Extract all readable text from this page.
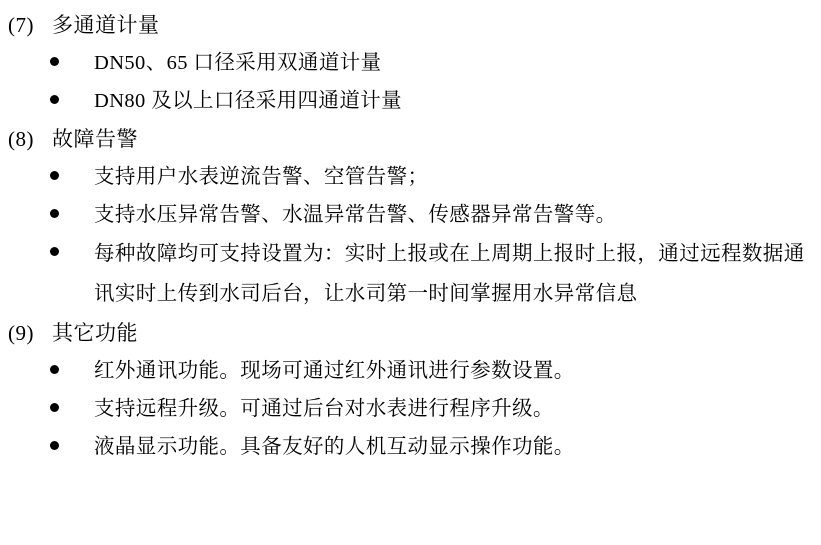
(7) 多通道计量
DN50、65 口径采用双通道计量
DN80 及以上口径采用四通道计量
(8) 故障告警
支持用户水表逆流告警、空管告警；
支持水压异常告警、水温异常告警、传感器异常告警等。
每种故障均可支持设置为：实时上报或在上周期上报时上报，通过远程数据通讯实时上传到水司后台，让水司第一时间掌握用水异常信息
(9) 其它功能
红外通讯功能。现场可通过红外通讯进行参数设置。
支持远程升级。可通过后台对水表进行程序升级。
液晶显示功能。具备友好的人机互动显示操作功能。
